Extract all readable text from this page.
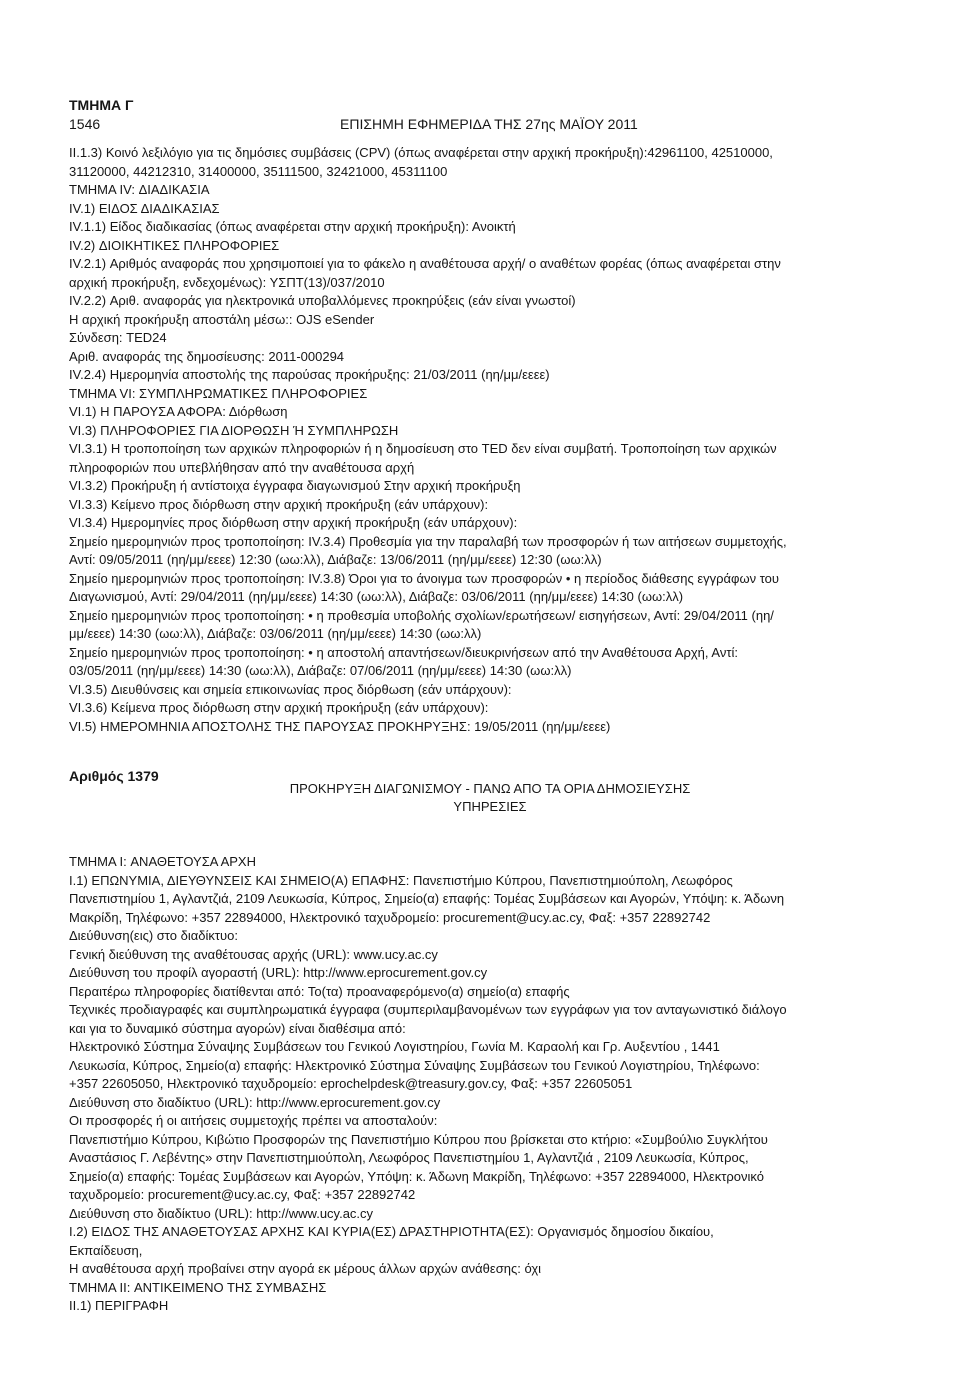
ΤΜΗΜΑ Γ
1546	ΕΠΙΣΗΜΗ ΕΦΗΜΕΡΙΔΑ ΤΗΣ 27ης ΜΑΪΟΥ 2011

II.1.3) Κοινό λεξιλόγιο για τις δημόσιες συμβάσεις (CPV) (όπως αναφέρεται στην αρχική προκήρυξη):42961100, 42510000,

31120000, 44212310, 31400000, 35111500, 32421000, 45311100

ΤΜΗΜΑ IV: ΔΙΑΔΙΚΑΣΙΑ

IV.1) ΕΙΔΟΣ ΔΙΑΔΙΚΑΣΙΑΣ

IV.1.1) Είδος διαδικασίας (όπως αναφέρεται στην αρχική προκήρυξη): Ανοικτή

IV.2) ΔΙΟΙΚΗΤΙΚΕΣ ΠΛΗΡΟΦΟΡΙΕΣ

IV.2.1) Αριθμός αναφοράς που χρησιμοποιεί για το φάκελο η αναθέτουσα αρχή/ ο αναθέτων φορέας (όπως αναφέρεται στην

αρχική προκήρυξη, ενδεχομένως): ΥΣΠΤ(13)/037/2010

IV.2.2) Αριθ. αναφοράς για ηλεκτρονικά υποβαλλόμενες προκηρύξεις (εάν είναι γνωστοί)

Η αρχική προκήρυξη αποστάλη μέσω:: OJS eSender

Σύνδεση: TED24

Αριθ. αναφοράς της δημοσίευσης: 2011-000294

IV.2.4) Ημερομηνία αποστολής της παρούσας προκήρυξης: 21/03/2011 (ηη/μμ/εεεε)

ΤΜΗΜΑ VI: ΣΥΜΠΛΗΡΩΜΑΤΙΚΕΣ ΠΛΗΡΟΦΟΡΙΕΣ

VI.1) Η ΠΑΡΟΥΣΑ ΑΦΟΡΑ: Διόρθωση

VI.3) ΠΛΗΡΟΦΟΡΙΕΣ ΓΙΑ ΔΙΟΡΘΩΣΗ Ή ΣΥΜΠΛΗΡΩΣΗ

VI.3.1) Η τροποποίηση των αρχικών πληροφοριών ή η δημοσίευση στο TED δεν είναι συμβατή. Τροποποίηση των αρχικών

πληροφοριών που υπεβλήθησαν από την αναθέτουσα αρχή

VI.3.2) Προκήρυξη ή αντίστοιχα έγγραφα διαγωνισμού Στην αρχική προκήρυξη

VI.3.3) Κείμενο προς διόρθωση στην αρχική προκήρυξη (εάν υπάρχουν):

VI.3.4) Ημερομηνίες προς διόρθωση στην αρχική προκήρυξη (εάν υπάρχουν):

Σημείο ημερομηνιών προς τροποποίηση: IV.3.4) Προθεσμία για την παραλαβή των προσφορών ή των αιτήσεων συμμετοχής,

Αντί: 09/05/2011 (ηη/μμ/εεεε) 12:30 (ωω:λλ), Διάβαζε: 13/06/2011 (ηη/μμ/εεεε) 12:30 (ωω:λλ)

Σημείο ημερομηνιών προς τροποποίηση: IV.3.8) Όροι για το άνοιγμα των προσφορών • η περίοδος διάθεσης εγγράφων του

Διαγωνισμού, Αντί: 29/04/2011 (ηη/μμ/εεεε) 14:30 (ωω:λλ), Διάβαζε: 03/06/2011 (ηη/μμ/εεεε) 14:30 (ωω:λλ)

Σημείο ημερομηνιών προς τροποποίηση: • η προθεσμία υποβολής σχολίων/ερωτήσεων/ εισηγήσεων, Αντί: 29/04/2011 (ηη/

μμ/εεεε) 14:30 (ωω:λλ), Διάβαζε: 03/06/2011 (ηη/μμ/εεεε) 14:30 (ωω:λλ)

Σημείο ημερομηνιών προς τροποποίηση: • η αποστολή απαντήσεων/διευκρινήσεων από την Αναθέτουσα Αρχή, Αντί:

03/05/2011 (ηη/μμ/εεεε) 14:30 (ωω:λλ), Διάβαζε: 07/06/2011 (ηη/μμ/εεεε) 14:30 (ωω:λλ)

VI.3.5) Διευθύνσεις και σημεία επικοινωνίας προς διόρθωση (εάν υπάρχουν):

VI.3.6) Κείμενα προς διόρθωση στην αρχική προκήρυξη (εάν υπάρχουν):

VI.5) ΗΜΕΡΟΜΗΝΙΑ ΑΠΟΣΤΟΛΗΣ ΤΗΣ ΠΑΡΟΥΣΑΣ ΠΡΟΚΗΡΥΞΗΣ: 19/05/2011 (ηη/μμ/εεεε)

Αριθμός 1379
ΠΡΟΚΗΡΥΞΗ ΔΙΑΓΩΝΙΣΜΟΥ - ΠΑΝΩ ΑΠΟ ΤΑ ΟΡΙΑ ΔΗΜΟΣΙΕΥΣΗΣ
ΥΠΗΡΕΣΙΕΣ

ΤΜΗΜΑ I: ΑΝΑΘΕΤΟΥΣΑ ΑΡΧΗ

I.1) ΕΠΩΝΥΜΙΑ, ΔΙΕΥΘΥΝΣΕΙΣ ΚΑΙ ΣΗΜΕΙΟ(Α) ΕΠΑΦΗΣ: Πανεπιστήμιο Κύπρου, Πανεπιστημιούπολη, Λεωφόρος

Πανεπιστημίου 1, Αγλαντζιά, 2109 Λευκωσία, Κύπρος, Σημείο(α) επαφής: Τομέας Συμβάσεων και Αγορών, Υπόψη: κ. Άδωνη

Μακρίδη, Τηλέφωνο: +357 22894000, Ηλεκτρονικό ταχυδρομείο: procurement@ucy.ac.cy, Φαξ: +357 22892742

Διεύθυνση(εις) στο διαδίκτυο:

Γενική διεύθυνση της αναθέτουσας αρχής (URL): www.ucy.ac.cy

Διεύθυνση του προφίλ αγοραστή (URL): http://www.eprocurement.gov.cy

Περαιτέρω πληροφορίες διατίθενται από: Το(τα) προαναφερόμενο(α) σημείο(α) επαφής

Τεχνικές προδιαγραφές και συμπληρωματικά έγγραφα (συμπεριλαμβανομένων των εγγράφων για τον ανταγωνιστικό διάλογο

και για το δυναμικό σύστημα αγορών) είναι διαθέσιμα από:

Ηλεκτρονικό Σύστημα Σύναψης Συμβάσεων του Γενικού Λογιστηρίου, Γωνία Μ. Καραολή και Γρ. Αυξεντίου , 1441

Λευκωσία, Κύπρος, Σημείο(α) επαφής: Ηλεκτρονικό Σύστημα Σύναψης Συμβάσεων του Γενικού Λογιστηρίου, Τηλέφωνο:

+357 22605050, Ηλεκτρονικό ταχυδρομείο: eprochelpdesk@treasury.gov.cy, Φαξ: +357 22605051

Διεύθυνση στο διαδίκτυο (URL): http://www.eprocurement.gov.cy

Οι προσφορές ή οι αιτήσεις συμμετοχής πρέπει να αποσταλούν:

Πανεπιστήμιο Κύπρου, Κιβώτιο Προσφορών της Πανεπιστήμιο Κύπρου που βρίσκεται στο κτήριο: «Συμβούλιο Συγκλήτου

Αναστάσιος Γ. Λεβέντης» στην Πανεπιστημιούπολη, Λεωφόρος Πανεπιστημίου 1, Αγλαντζιά , 2109 Λευκωσία, Κύπρος,

Σημείο(α) επαφής: Τομέας Συμβάσεων και Αγορών, Υπόψη: κ. Άδωνη Μακρίδη, Τηλέφωνο: +357 22894000, Ηλεκτρονικό

ταχυδρομείο: procurement@ucy.ac.cy, Φαξ: +357 22892742

Διεύθυνση στο διαδίκτυο (URL): http://www.ucy.ac.cy

I.2) ΕΙΔΟΣ ΤΗΣ ΑΝΑΘΕΤΟΥΣΑΣ ΑΡΧΗΣ ΚΑΙ ΚΥΡΙΑ(ΕΣ) ΔΡΑΣΤΗΡΙΟΤΗΤΑ(ΕΣ): Οργανισμός δημοσίου δικαίου,

Εκπαίδευση,

Η αναθέτουσα αρχή προβαίνει στην αγορά εκ μέρους άλλων αρχών ανάθεσης: όχι

ΤΜΗΜΑ II: ΑΝΤΙΚΕΙΜΕΝΟ ΤΗΣ ΣΥΜΒΑΣΗΣ

II.1) ΠΕΡΙΓΡΑΦΗ
